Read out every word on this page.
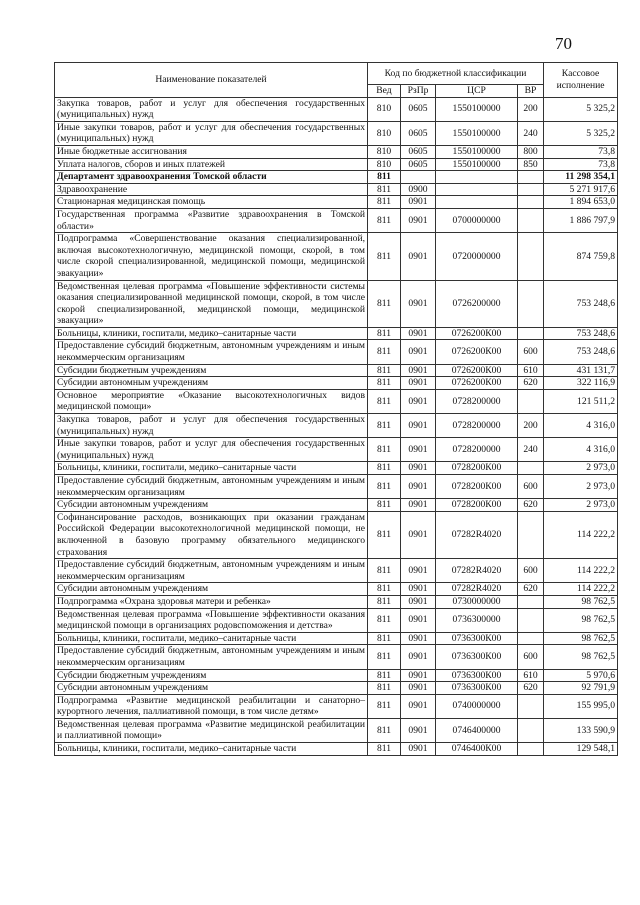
70
Наименование показателей	Код по бюджетной классификации				Кассовое исполнение
	Вед	РзПр	ЦСР	ВР	
Закупка товаров, работ и услуг для обеспечения государственных (муниципальных) нужд	810	0605	1550100000	200	5 325,2
Иные закупки товаров, работ и услуг для обеспечения государственных (муниципальных) нужд	810	0605	1550100000	240	5 325,2
Иные бюджетные ассигнования	810	0605	1550100000	800	73,8
Уплата налогов, сборов и иных платежей	810	0605	1550100000	850	73,8
Департамент здравоохранения Томской области	811				11 298 354,1
Здравоохранение	811	0900			5 271 917,6
Стационарная медицинская помощь	811	0901			1 894 653,0
Государственная программа «Развитие здравоохранения в Томской области»	811	0901	0700000000		1 886 797,9
Подпрограмма «Совершенствование оказания специализированной, включая высокотехнологичную, медицинской помощи, скорой, в том числе скорой специализированной, медицинской помощи, медицинской эвакуации»	811	0901	0720000000		874 759,8
Ведомственная целевая программа «Повышение эффективности системы оказания специализированной медицинской помощи, скорой, в том числе скорой специализированной, медицинской помощи, медицинской эвакуации»	811	0901	0726200000		753 248,6
Больницы, клиники, госпитали, медико–санитарные части	811	0901	0726200К00		753 248,6
Предоставление субсидий бюджетным, автономным учреждениям и иным некоммерческим организациям	811	0901	0726200К00	600	753 248,6
Субсидии бюджетным учреждениям	811	0901	0726200К00	610	431 131,7
Субсидии автономным учреждениям	811	0901	0726200К00	620	322 116,9
Основное мероприятие «Оказание высокотехнологичных видов медицинской помощи»	811	0901	0728200000		121 511,2
Закупка товаров, работ и услуг для обеспечения государственных (муниципальных) нужд	811	0901	0728200000	200	4 316,0
Иные закупки товаров, работ и услуг для обеспечения государственных (муниципальных) нужд	811	0901	0728200000	240	4 316,0
Больницы, клиники, госпитали, медико–санитарные части	811	0901	0728200К00		2 973,0
Предоставление субсидий бюджетным, автономным учреждениям и иным некоммерческим организациям	811	0901	0728200К00	600	2 973,0
Субсидии автономным учреждениям	811	0901	0728200К00	620	2 973,0
Софинансирование расходов, возникающих при оказании гражданам Российской Федерации высокотехнологичной медицинской помощи, не включенной в базовую программу обязательного медицинского страхования	811	0901	07282R4020		114 222,2
Предоставление субсидий бюджетным, автономным учреждениям и иным некоммерческим организациям	811	0901	07282R4020	600	114 222,2
Субсидии автономным учреждениям	811	0901	07282R4020	620	114 222,2
Подпрограмма «Охрана здоровья матери и ребенка»	811	0901	0730000000		98 762,5
Ведомственная целевая программа «Повышение эффективности оказания медицинской помощи в организациях родовспоможения и детства»	811	0901	0736300000		98 762,5
Больницы, клиники, госпитали, медико–санитарные части	811	0901	0736300К00		98 762,5
Предоставление субсидий бюджетным, автономным учреждениям и иным некоммерческим организациям	811	0901	0736300К00	600	98 762,5
Субсидии бюджетным учреждениям	811	0901	0736300К00	610	5 970,6
Субсидии автономным учреждениям	811	0901	0736300К00	620	92 791,9
Подпрограмма «Развитие медицинской реабилитации и санаторно–курортного лечения, паллиативной помощи, в том числе детям»	811	0901	0740000000		155 995,0
Ведомственная целевая программа «Развитие медицинской реабилитации и паллиативной помощи»	811	0901	0746400000		133 590,9
Больницы, клиники, госпитали, медико–санитарные части	811	0901	0746400К00		129 548,1
